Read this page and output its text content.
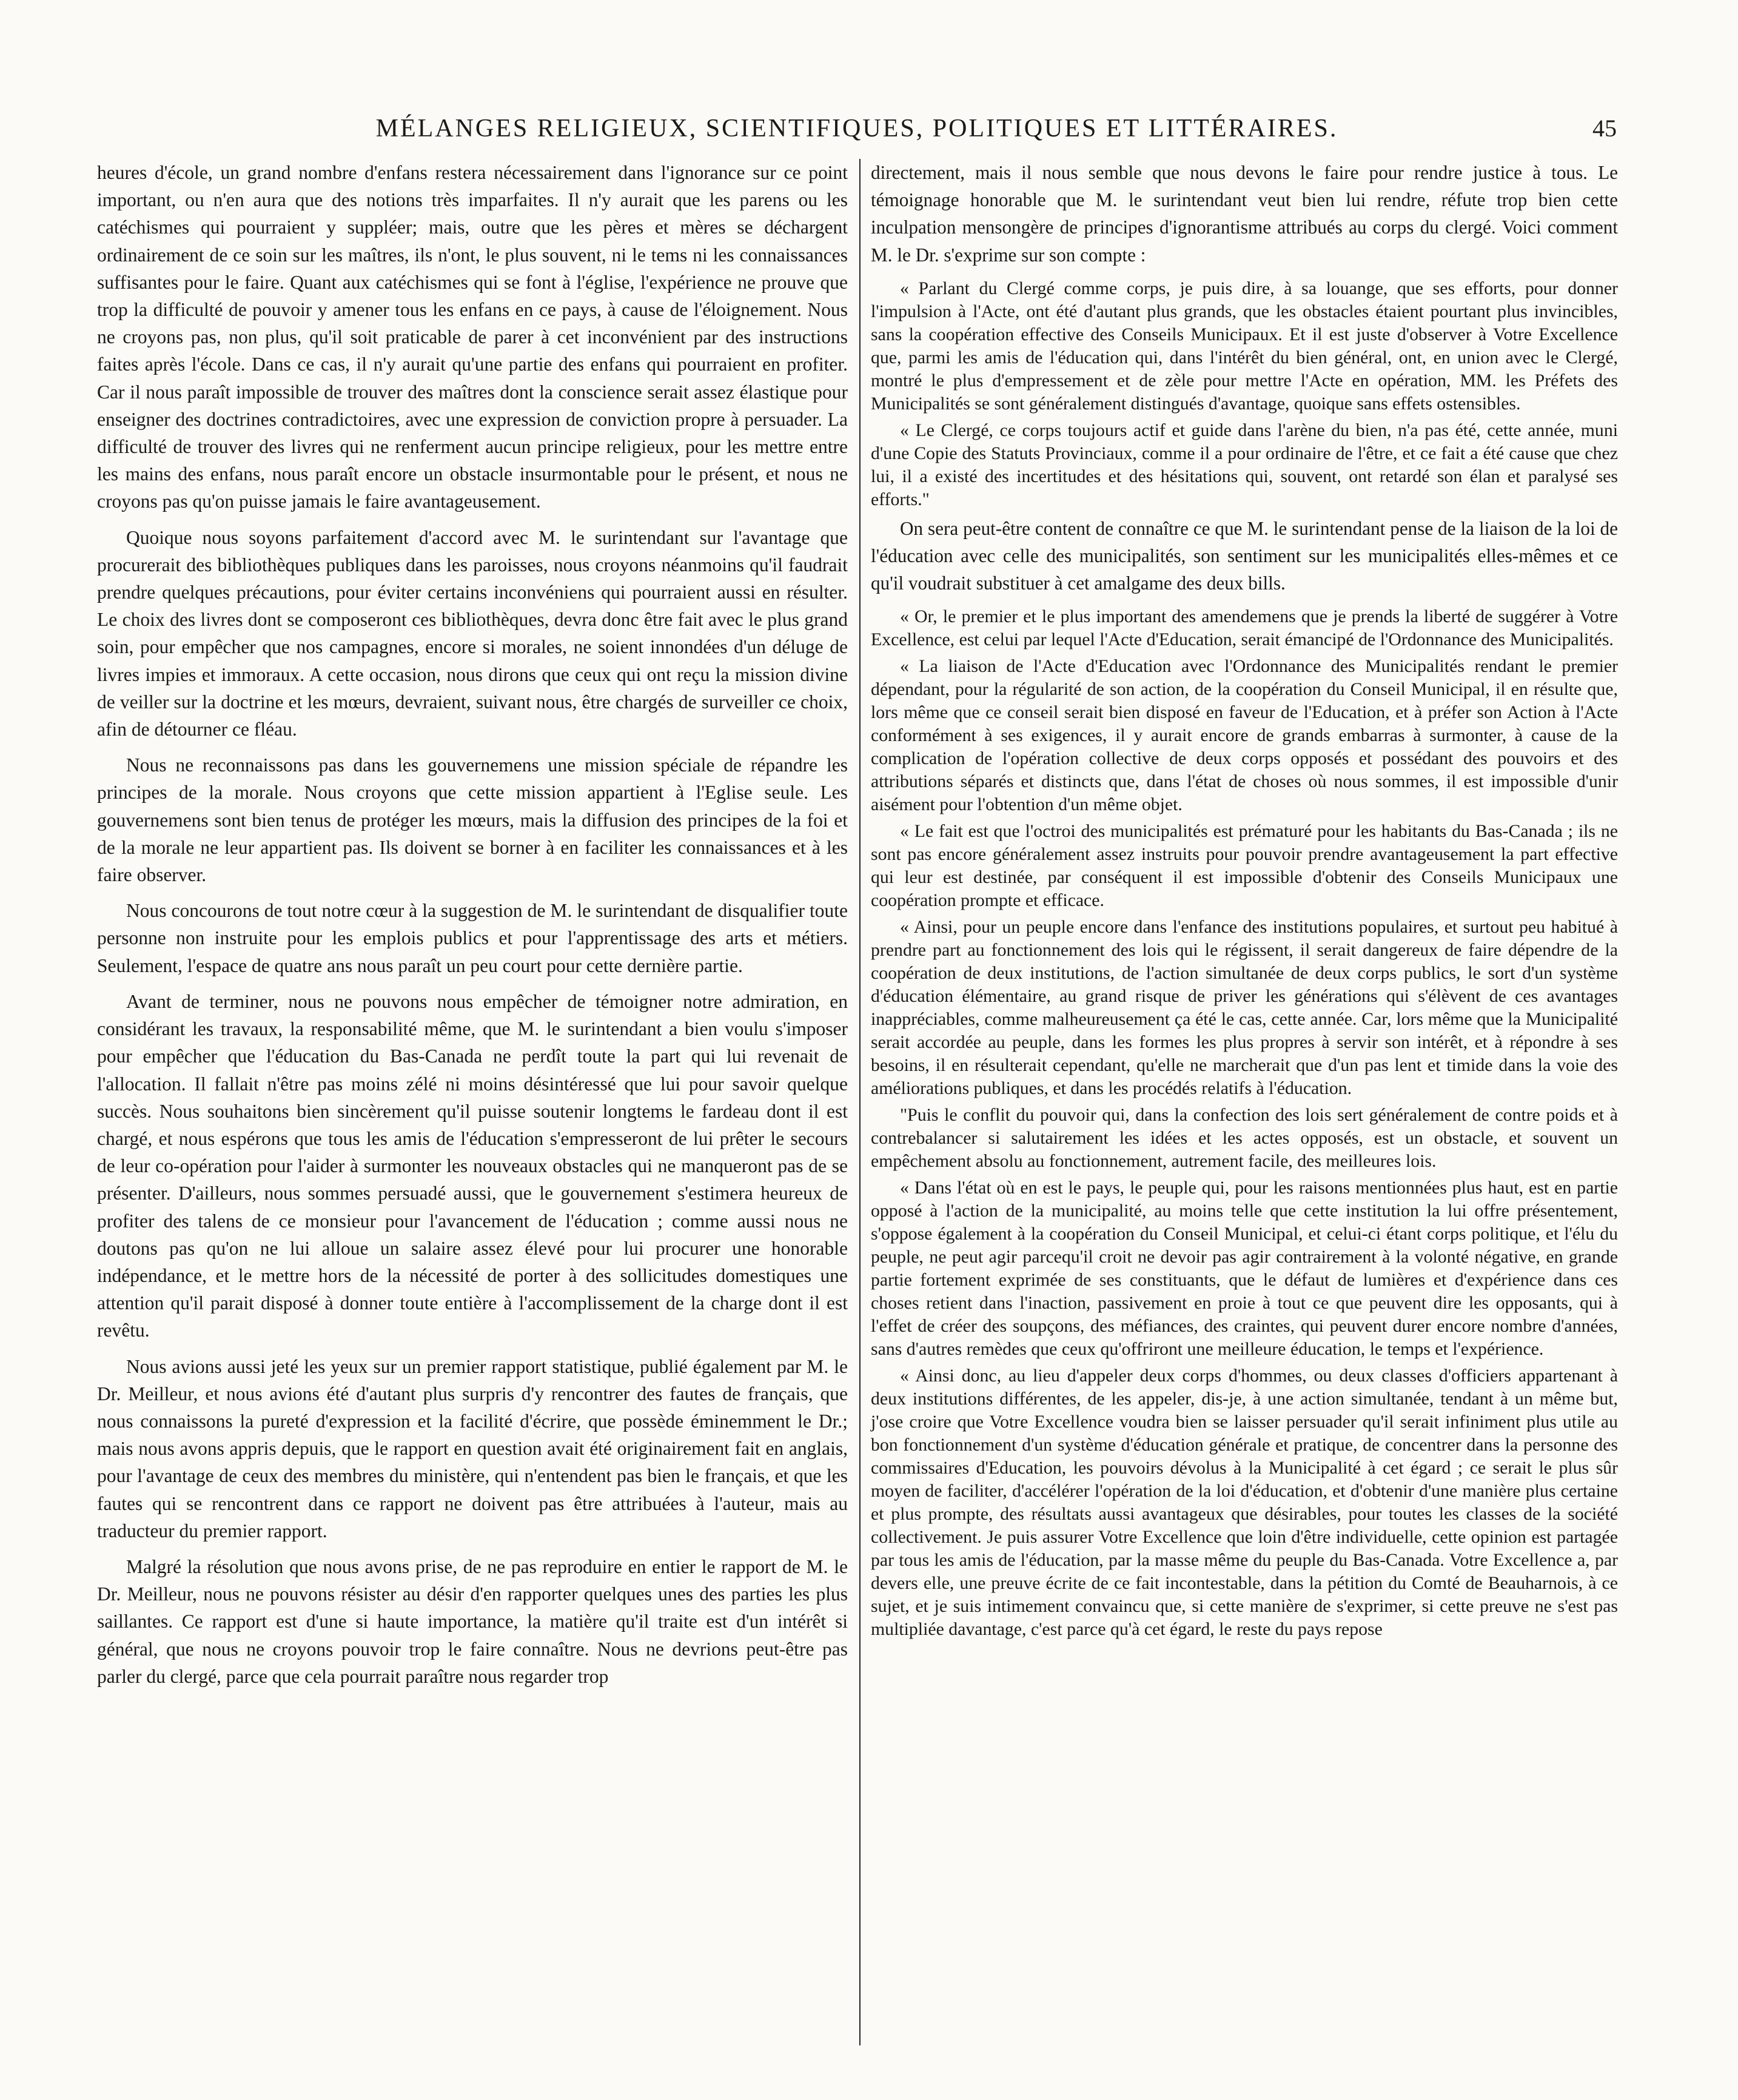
MÉLANGES RELIGIEUX, SCIENTIFIQUES, POLITIQUES ET LITTÉRAIRES.	45

heures d'école, un grand nombre d'enfans restera nécessairement dans l'ignorance sur ce point important, ou n'en aura que des notions très imparfaites. Il n'y aurait que les parens ou les catéchismes qui pourraient y suppléer; mais, outre que les pères et mères se déchargent ordinairement de ce soin sur les maîtres, ils n'ont, le plus souvent, ni le tems ni les connaissances suffisantes pour le faire. Quant aux catéchismes qui se font à l'église, l'expérience ne prouve que trop la difficulté de pouvoir y amener tous les enfans en ce pays, à cause de l'éloignement. Nous ne croyons pas, non plus, qu'il soit praticable de parer à cet inconvénient par des instructions faites après l'école. Dans ce cas, il n'y aurait qu'une partie des enfans qui pourraient en profiter. Car il nous paraît impossible de trouver des maîtres dont la conscience serait assez élastique pour enseigner des doctrines contradictoires, avec une expression de conviction propre à persuader. La difficulté de trouver des livres qui ne renferment aucun principe religieux, pour les mettre entre les mains des enfans, nous paraît encore un obstacle insurmontable pour le présent, et nous ne croyons pas qu'on puisse jamais le faire avantageusement.

Quoique nous soyons parfaitement d'accord avec M. le surintendant sur l'avantage que procurerait des bibliothèques publiques dans les paroisses, nous croyons néanmoins qu'il faudrait prendre quelques précautions, pour éviter certains inconvéniens qui pourraient aussi en résulter. Le choix des livres dont se composeront ces bibliothèques, devra donc être fait avec le plus grand soin, pour empêcher que nos campagnes, encore si morales, ne soient innondées d'un déluge de livres impies et immoraux. A cette occasion, nous dirons que ceux qui ont reçu la mission divine de veiller sur la doctrine et les mœurs, devraient, suivant nous, être chargés de surveiller ce choix, afin de détourner ce fléau.

Nous ne reconnaissons pas dans les gouvernemens une mission spéciale de répandre les principes de la morale. Nous croyons que cette mission appartient à l'Eglise seule. Les gouvernemens sont bien tenus de protéger les mœurs, mais la diffusion des principes de la foi et de la morale ne leur appartient pas. Ils doivent se borner à en faciliter les connaissances et à les faire observer.

Nous concourons de tout notre cœur à la suggestion de M. le surintendant de disqualifier toute personne non instruite pour les emplois publics et pour l'apprentissage des arts et métiers. Seulement, l'espace de quatre ans nous paraît un peu court pour cette dernière partie.

Avant de terminer, nous ne pouvons nous empêcher de témoigner notre admiration, en considérant les travaux, la responsabilité même, que M. le surintendant a bien voulu s'imposer pour empêcher que l'éducation du Bas-Canada ne perdît toute la part qui lui revenait de l'allocation. Il fallait n'être pas moins zélé ni moins désintéressé que lui pour savoir quelque succès. Nous souhaitons bien sincèrement qu'il puisse soutenir longtems le fardeau dont il est chargé, et nous espérons que tous les amis de l'éducation s'empresseront de lui prêter le secours de leur co-opération pour l'aider à surmonter les nouveaux obstacles qui ne manqueront pas de se présenter. D'ailleurs, nous sommes persuadé aussi, que le gouvernement s'estimera heureux de profiter des talens de ce monsieur pour l'avancement de l'éducation ; comme aussi nous ne doutons pas qu'on ne lui alloue un salaire assez élevé pour lui procurer une honorable indépendance, et le mettre hors de la nécessité de porter à des sollicitudes domestiques une attention qu'il parait disposé à donner toute entière à l'accomplissement de la charge dont il est revêtu.

Nous avions aussi jeté les yeux sur un premier rapport statistique, publié également par M. le Dr. Meilleur, et nous avions été d'autant plus surpris d'y rencontrer des fautes de français, que nous connaissons la pureté d'expression et la facilité d'écrire, que possède éminemment le Dr.; mais nous avons appris depuis, que le rapport en question avait été originairement fait en anglais, pour l'avantage de ceux des membres du ministère, qui n'entendent pas bien le français, et que les fautes qui se rencontrent dans ce rapport ne doivent pas être attribuées à l'auteur, mais au traducteur du premier rapport.

Malgré la résolution que nous avons prise, de ne pas reproduire en entier le rapport de M. le Dr. Meilleur, nous ne pouvons résister au désir d'en rapporter quelques unes des parties les plus saillantes. Ce rapport est d'une si haute importance, la matière qu'il traite est d'un intérêt si général, que nous ne croyons pouvoir trop le faire connaître. Nous ne devrions peut-être pas parler du clergé, parce que cela pourrait paraître nous regarder trop

directement, mais il nous semble que nous devons le faire pour rendre justice à tous. Le témoignage honorable que M. le surintendant veut bien lui rendre, réfute trop bien cette inculpation mensongère de principes d'ignorantisme attribués au corps du clergé. Voici comment M. le Dr. s'exprime sur son compte :

« Parlant du Clergé comme corps, je puis dire, à sa louange, que ses efforts, pour donner l'impulsion à l'Acte, ont été d'autant plus grands, que les obstacles étaient pourtant plus invincibles, sans la coopération effective des Conseils Municipaux. Et il est juste d'observer à Votre Excellence que, parmi les amis de l'éducation qui, dans l'intérêt du bien général, ont, en union avec le Clergé, montré le plus d'empressement et de zèle pour mettre l'Acte en opération, MM. les Préfets des Municipalités se sont généralement distingués d'avantage, quoique sans effets ostensibles.

« Le Clergé, ce corps toujours actif et guide dans l'arène du bien, n'a pas été, cette année, muni d'une Copie des Statuts Provinciaux, comme il a pour ordinaire de l'être, et ce fait a été cause que chez lui, il a existé des incertitudes et des hésitations qui, souvent, ont retardé son élan et paralysé ses efforts."

On sera peut-être content de connaître ce que M. le surintendant pense de la liaison de la loi de l'éducation avec celle des municipalités, son sentiment sur les municipalités elles-mêmes et ce qu'il voudrait substituer à cet amalgame des deux bills.

« Or, le premier et le plus important des amendemens que je prends la liberté de suggérer à Votre Excellence, est celui par lequel l'Acte d'Education, serait émancipé de l'Ordonnance des Municipalités.

« La liaison de l'Acte d'Education avec l'Ordonnance des Municipalités rendant le premier dépendant, pour la régularité de son action, de la coopération du Conseil Municipal, il en résulte que, lors même que ce conseil serait bien disposé en faveur de l'Education, et à préfer son Action à l'Acte conformément à ses exigences, il y aurait encore de grands embarras à surmonter, à cause de la complication de l'opération collective de deux corps opposés et possédant des pouvoirs et des attributions séparés et distincts que, dans l'état de choses où nous sommes, il est impossible d'unir aisément pour l'obtention d'un même objet.

« Le fait est que l'octroi des municipalités est prématuré pour les habitants du Bas-Canada ; ils ne sont pas encore généralement assez instruits pour pouvoir prendre avantageusement la part effective qui leur est destinée, par conséquent il est impossible d'obtenir des Conseils Municipaux une coopération prompte et efficace.

« Ainsi, pour un peuple encore dans l'enfance des institutions populaires, et surtout peu habitué à prendre part au fonctionnement des lois qui le régissent, il serait dangereux de faire dépendre de la coopération de deux institutions, de l'action simultanée de deux corps publics, le sort d'un système d'éducation élémentaire, au grand risque de priver les générations qui s'élèvent de ces avantages inappréciables, comme malheureusement ça été le cas, cette année. Car, lors même que la Municipalité serait accordée au peuple, dans les formes les plus propres à servir son intérêt, et à répondre à ses besoins, il en résulterait cependant, qu'elle ne marcherait que d'un pas lent et timide dans la voie des améliorations publiques, et dans les procédés relatifs à l'éducation.

"Puis le conflit du pouvoir qui, dans la confection des lois sert généralement de contre poids et à contrebalancer si salutairement les idées et les actes opposés, est un obstacle, et souvent un empêchement absolu au fonctionnement, autrement facile, des meilleures lois.

« Dans l'état où en est le pays, le peuple qui, pour les raisons mentionnées plus haut, est en partie opposé à l'action de la municipalité, au moins telle que cette institution la lui offre présentement, s'oppose également à la coopération du Conseil Municipal, et celui-ci étant corps politique, et l'élu du peuple, ne peut agir parcequ'il croit ne devoir pas agir contrairement à la volonté négative, en grande partie fortement exprimée de ses constituants, que le défaut de lumières et d'expérience dans ces choses retient dans l'inaction, passivement en proie à tout ce que peuvent dire les opposants, qui à l'effet de créer des soupçons, des méfiances, des craintes, qui peuvent durer encore nombre d'années, sans d'autres remèdes que ceux qu'offriront une meilleure éducation, le temps et l'expérience.

« Ainsi donc, au lieu d'appeler deux corps d'hommes, ou deux classes d'officiers appartenant à deux institutions différentes, de les appeler, dis-je, à une action simultanée, tendant à un même but, j'ose croire que Votre Excellence voudra bien se laisser persuader qu'il serait infiniment plus utile au bon fonctionnement d'un système d'éducation générale et pratique, de concentrer dans la personne des commissaires d'Education, les pouvoirs dévolus à la Municipalité à cet égard ; ce serait le plus sûr moyen de faciliter, d'accélérer l'opération de la loi d'éducation, et d'obtenir d'une manière plus certaine et plus prompte, des résultats aussi avantageux que désirables, pour toutes les classes de la société collectivement. Je puis assurer Votre Excellence que loin d'être individuelle, cette opinion est partagée par tous les amis de l'éducation, par la masse même du peuple du Bas-Canada. Votre Excellence a, par devers elle, une preuve écrite de ce fait incontestable, dans la pétition du Comté de Beauharnois, à ce sujet, et je suis intimement convaincu que, si cette manière de s'exprimer, si cette preuve ne s'est pas multipliée davantage, c'est parce qu'à cet égard, le reste du pays repose
